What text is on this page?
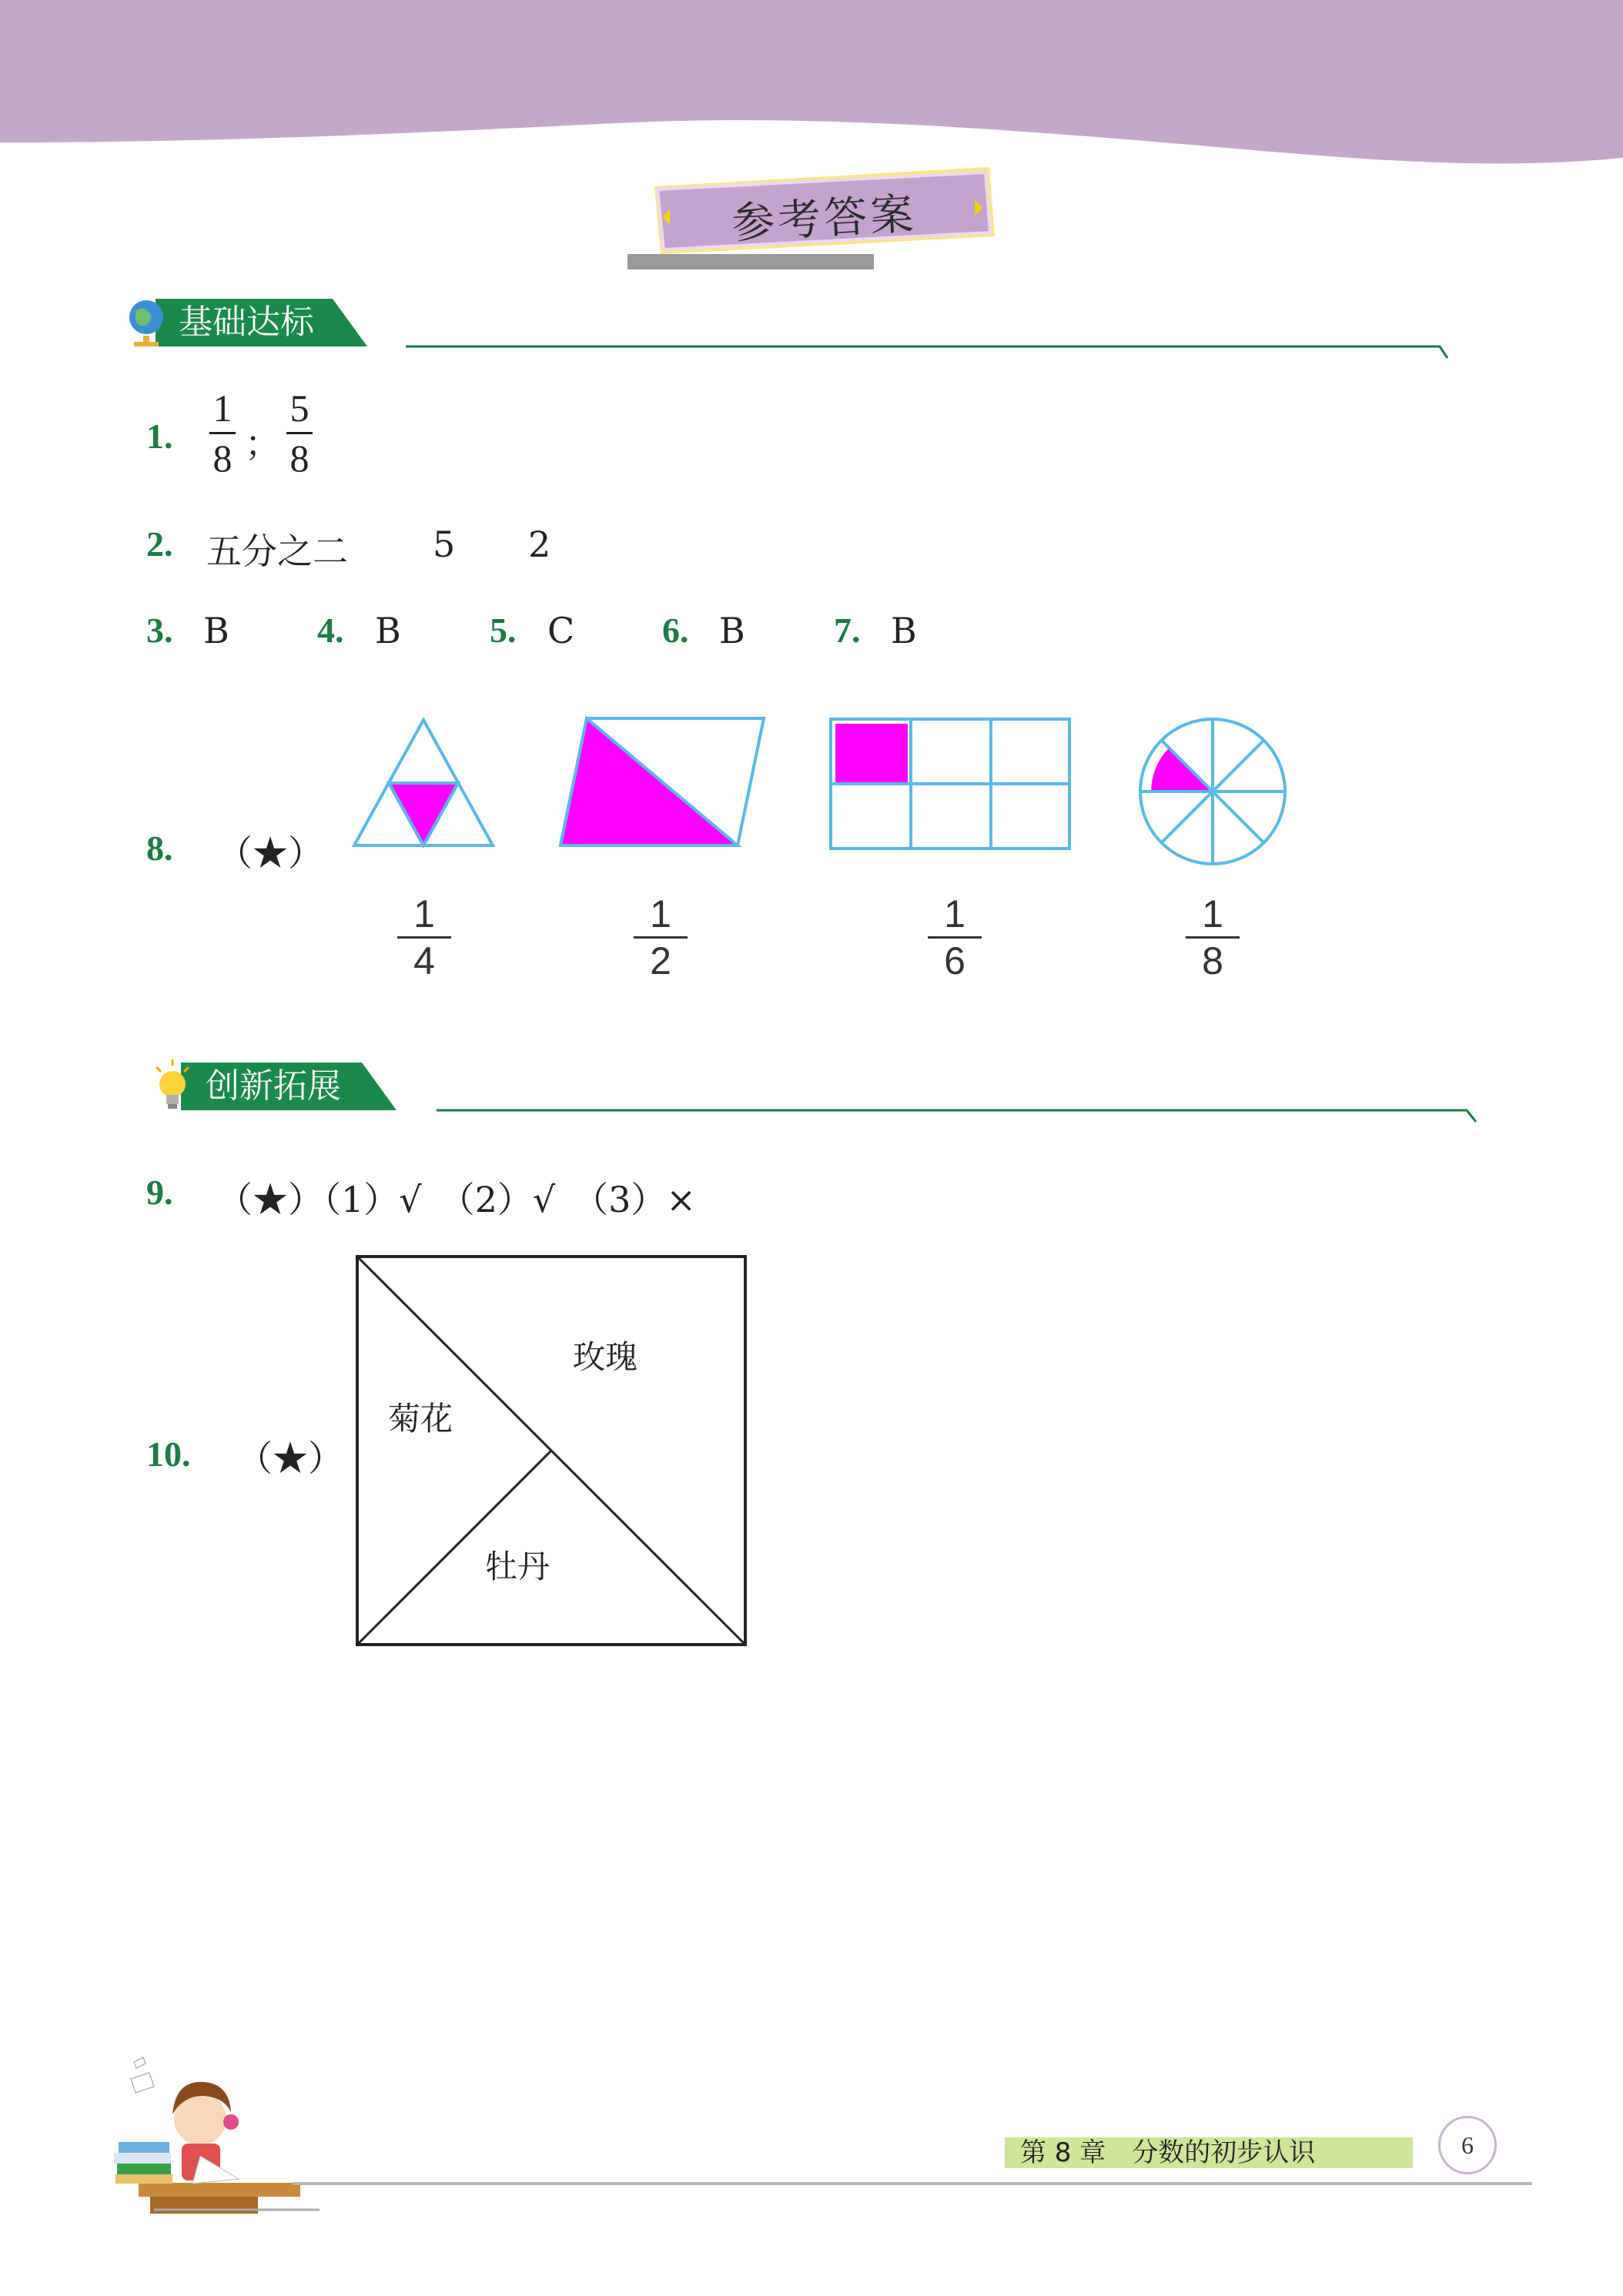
参考答案
基础达标
1.
1
8 ；
5
8
2. 五分之二 5 2
3. B 4. B	5. C 6. B	7. B
8. （★）
1
4
1
2
1
6
1
8
创新拓展
9. （★）（1）√　（2）√　（3）×
10. （★）
菊花
玫瑰
牡丹
第 8 章　分数的初步认识	6
